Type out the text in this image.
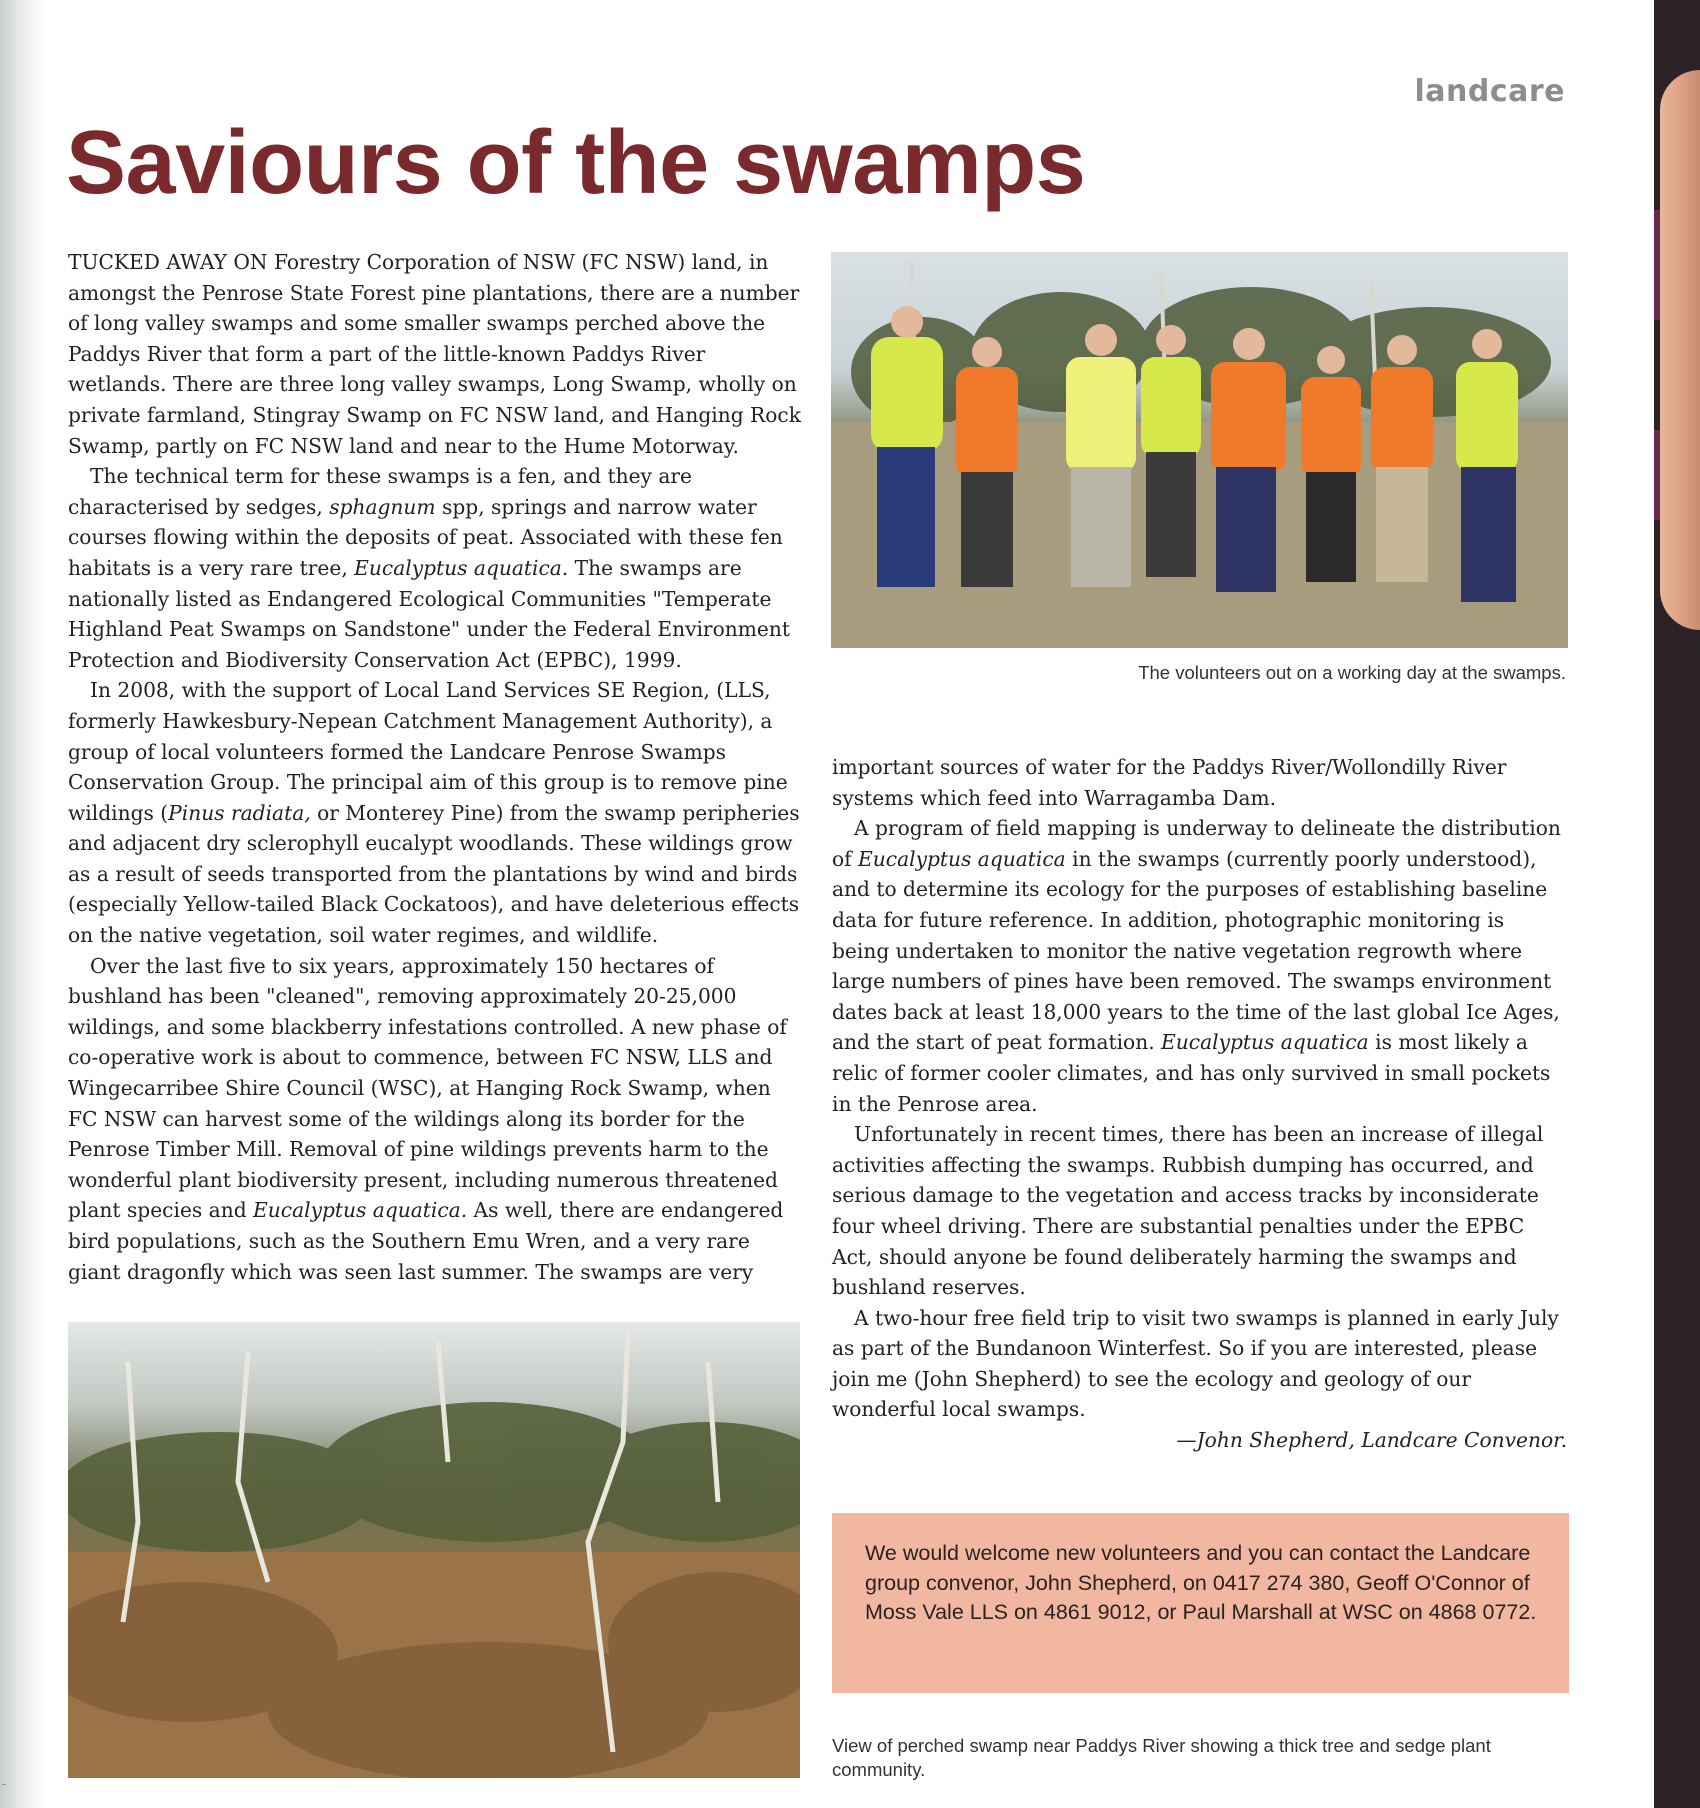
landcare
Saviours of the swamps

TUCKED AWAY ON Forestry Corporation of NSW (FC NSW) land, in amongst the Penrose State Forest pine plantations, there are a number of long valley swamps and some smaller swamps perched above the Paddys River that form a part of the little-known Paddys River wetlands. There are three long valley swamps, Long Swamp, wholly on private farmland, Stingray Swamp on FC NSW land, and Hanging Rock Swamp, partly on FC NSW land and near to the Hume Motorway.

The technical term for these swamps is a fen, and they are characterised by sedges, sphagnum spp, springs and narrow water courses flowing within the deposits of peat. Associated with these fen habitats is a very rare tree, Eucalyptus aquatica. The swamps are nationally listed as Endangered Ecological Communities "Temperate Highland Peat Swamps on Sandstone" under the Federal Environment Protection and Biodiversity Conservation Act (EPBC), 1999.

In 2008, with the support of Local Land Services SE Region, (LLS, formerly Hawkesbury-Nepean Catchment Management Authority), a group of local volunteers formed the Landcare Penrose Swamps Conservation Group. The principal aim of this group is to remove pine wildings (Pinus radiata, or Monterey Pine) from the swamp peripheries and adjacent dry sclerophyll eucalypt woodlands. These wildings grow as a result of seeds transported from the plantations by wind and birds (especially Yellow-tailed Black Cockatoos), and have deleterious effects on the native vegetation, soil water regimes, and wildlife.

Over the last five to six years, approximately 150 hectares of bushland has been "cleaned", removing approximately 20-25,000 wildings, and some blackberry infestations controlled. A new phase of co-operative work is about to commence, between FC NSW, LLS and Wingecarribee Shire Council (WSC), at Hanging Rock Swamp, when FC NSW can harvest some of the wildings along its border for the Penrose Timber Mill. Removal of pine wildings prevents harm to the wonderful plant biodiversity present, including numerous threatened plant species and Eucalyptus aquatica. As well, there are endangered bird populations, such as the Southern Emu Wren, and a very rare giant dragonfly which was seen last summer. The swamps are very

The volunteers out on a working day at the swamps.

important sources of water for the Paddys River/Wollondilly River systems which feed into Warragamba Dam.

A program of field mapping is underway to delineate the distribution of Eucalyptus aquatica in the swamps (currently poorly understood), and to determine its ecology for the purposes of establishing baseline data for future reference. In addition, photographic monitoring is being undertaken to monitor the native vegetation regrowth where large numbers of pines have been removed. The swamps environment dates back at least 18,000 years to the time of the last global Ice Ages, and the start of peat formation. Eucalyptus aquatica is most likely a relic of former cooler climates, and has only survived in small pockets in the Penrose area.

Unfortunately in recent times, there has been an increase of illegal activities affecting the swamps. Rubbish dumping has occurred, and serious damage to the vegetation and access tracks by inconsiderate four wheel driving. There are substantial penalties under the EPBC Act, should anyone be found deliberately harming the swamps and bushland reserves.

A two-hour free field trip to visit two swamps is planned in early July as part of the Bundanoon Winterfest. So if you are interested, please join me (John Shepherd) to see the ecology and geology of our wonderful local swamps.

—John Shepherd, Landcare Convenor.

We would welcome new volunteers and you can contact the Landcare group convenor, John Shepherd, on 0417 274 380, Geoff O'Connor of Moss Vale LLS on 4861 9012, or Paul Marshall at WSC on 4868 0772.

View of perched swamp near Paddys River showing a thick tree and sedge plant community.

-
